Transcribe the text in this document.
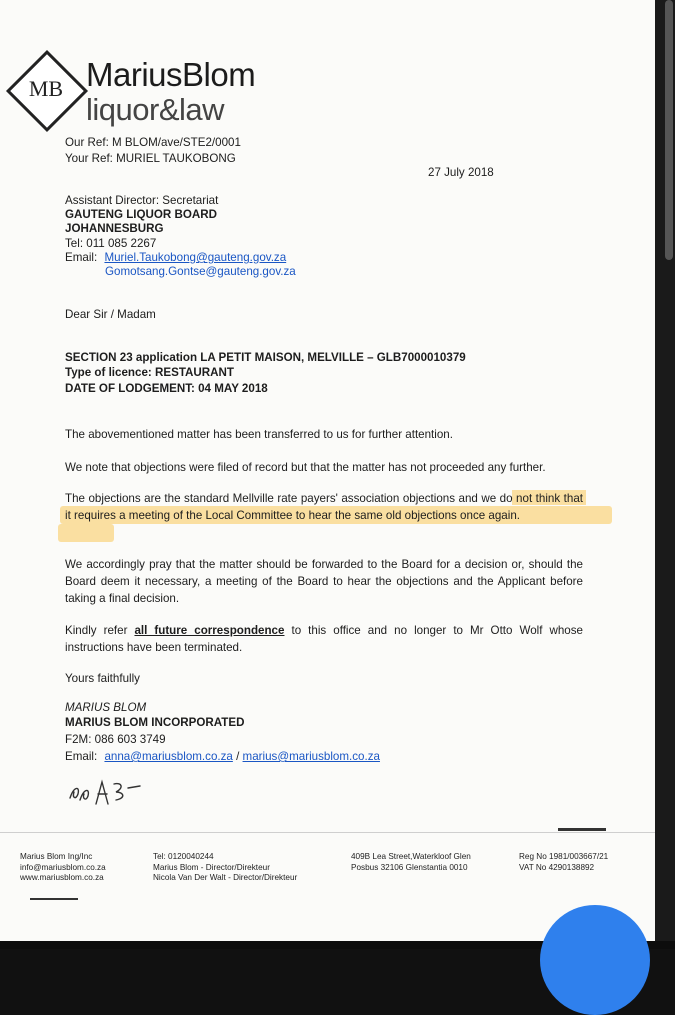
MB MariusBlom
liquor&law
Our Ref: M BLOM/ave/STE2/0001
Your Ref: MURIEL TAUKOBONG
27 July 2018
Assistant Director: Secretariat
GAUTENG LIQUOR BOARD
JOHANNESBURG
Tel: 011 085 2267
Email: Muriel.Taukobong@gauteng.gov.za
Gomotsang.Gontse@gauteng.gov.za
Dear Sir / Madam
SECTION 23 application LA PETIT MAISON, MELVILLE – GLB7000010379
Type of licence: RESTAURANT
DATE OF LODGEMENT: 04 MAY 2018
The abovementioned matter has been transferred to us for further attention.
We note that objections were filed of record but that the matter has not proceeded any further.
The objections are the standard Mellville rate payers' association objections and we do not think that it requires a meeting of the Local Committee to hear the same old objections once again.
We accordingly pray that the matter should be forwarded to the Board for a decision or, should the Board deem it necessary, a meeting of the Board to hear the objections and the Applicant before taking a final decision.
Kindly refer all future correspondence to this office and no longer to Mr Otto Wolf whose instructions have been terminated.
Yours faithfully
MARIUS BLOM
MARIUS BLOM INCORPORATED
F2M: 086 603 3749
Email: anna@mariusblom.co.za / marius@mariusblom.co.za
Marius Blom Ing/Inc
info@mariusblom.co.za
www.mariusblom.co.za
Tel: 0120040244
Marius Blom - Director/Direkteur
Nicola Van Der Walt - Director/Direkteur
409B Lea Street,Waterkloof Glen
Posbus 32106 Glenstantia 0010
Reg No 1981/003667/21
VAT No 4290138892
